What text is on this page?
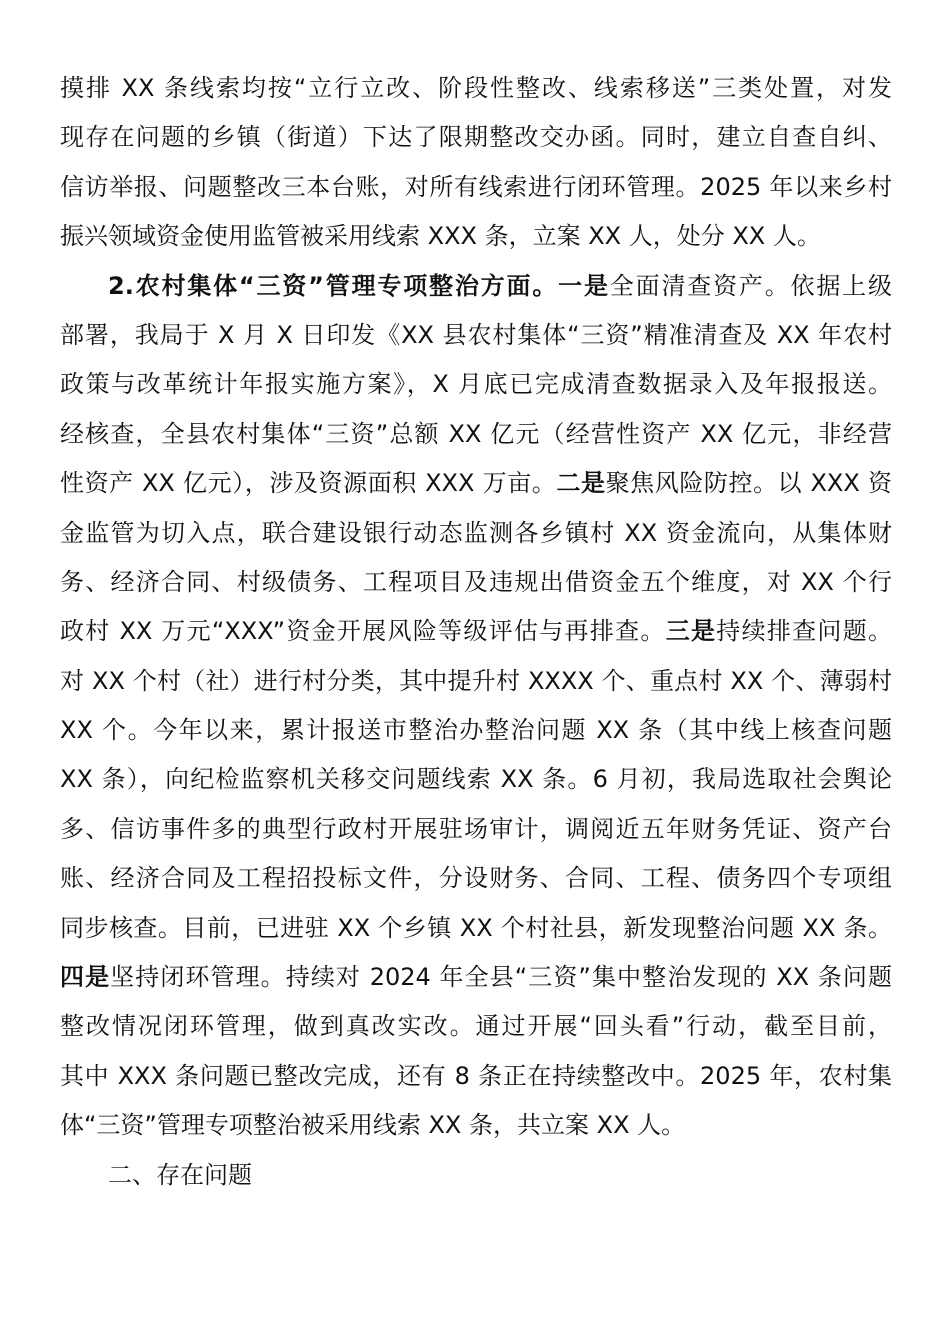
摸排 XX 条线索均按“立行立改、阶段性整改、线索移送”三类处置，对发
现存在问题的乡镇（街道）下达了限期整改交办函。同时，建立自查自纠、
信访举报、问题整改三本台账，对所有线索进行闭环管理。2025 年以来乡村
振兴领域资金使用监管被采用线索 XXX 条，立案 XX 人，处分 XX 人。
2.农村集体“三资”管理专项整治方面。一是全面清查资产。依据上级
部署，我局于 X 月 X 日印发《XX 县农村集体“三资”精准清查及 XX 年农村
政策与改革统计年报实施方案》，X 月底已完成清查数据录入及年报报送。
经核查，全县农村集体“三资”总额 XX 亿元（经营性资产 XX 亿元，非经营
性资产 XX 亿元），涉及资源面积 XXX 万亩。二是聚焦风险防控。以 XXX 资
金监管为切入点，联合建设银行动态监测各乡镇村 XX 资金流向，从集体财
务、经济合同、村级债务、工程项目及违规出借资金五个维度，对 XX 个行
政村 XX 万元“XXX”资金开展风险等级评估与再排查。三是持续排查问题。
对 XX 个村（社）进行村分类，其中提升村 XXXX 个、重点村 XX 个、薄弱村
XX 个。今年以来，累计报送市整治办整治问题 XX 条（其中线上核查问题
XX 条），向纪检监察机关移交问题线索 XX 条。6 月初，我局选取社会舆论
多、信访事件多的典型行政村开展驻场审计，调阅近五年财务凭证、资产台
账、经济合同及工程招投标文件，分设财务、合同、工程、债务四个专项组
同步核查。目前，已进驻 XX 个乡镇 XX 个村社县，新发现整治问题 XX 条。
四是坚持闭环管理。持续对 2024 年全县“三资”集中整治发现的 XX 条问题
整改情况闭环管理，做到真改实改。通过开展“回头看”行动，截至目前，
其中 XXX 条问题已整改完成，还有 8 条正在持续整改中。2025 年，农村集
体“三资”管理专项整治被采用线索 XX 条，共立案 XX 人。
二、存在问题
